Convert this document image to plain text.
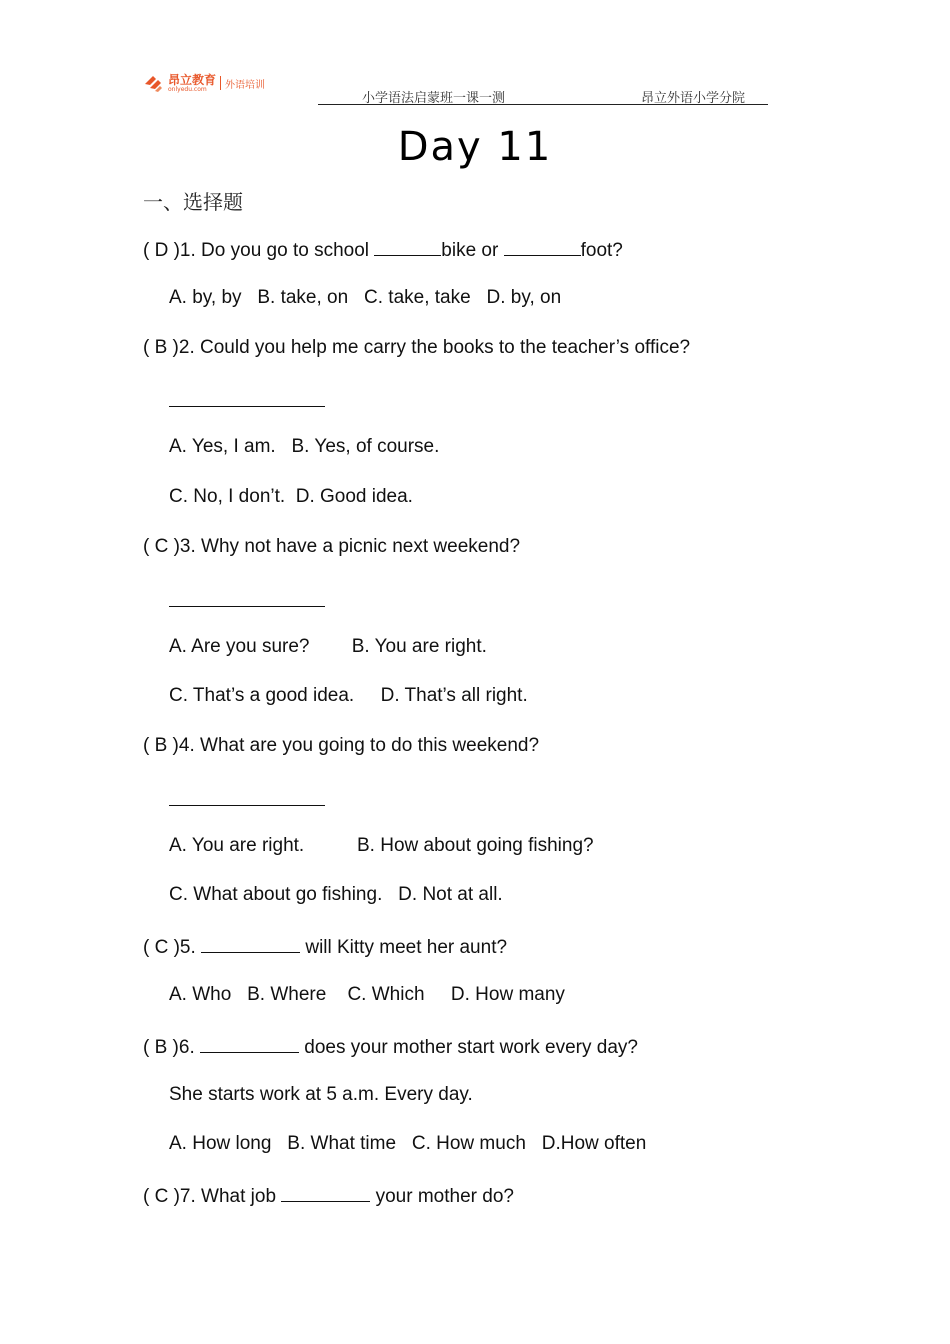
昂立教育
onlyedu.com	外语培训
小学语法启蒙班一课一测	昂立外语小学分院
Day 11
一、选择题
( D )1. Do you go to school	bike or	foot?
A. by, by   B. take, on   C. take, take   D. by, on
( B )2. Could you help me carry the books to the teacher’s office?
A. Yes, I am.   B. Yes, of course.
C. No, I don’t.  D. Good idea.
( C )3. Why not have a picnic next weekend?
A. Are you sure?        B. You are right.
C. That’s a good idea.     D. That’s all right.
( B )4. What are you going to do this weekend?
A. You are right.          B. How about going fishing?
C. What about go fishing.   D. Not at all.
( C )5.	will Kitty meet her aunt?
A. Who   B. Where    C. Which     D. How many
( B )6.	does your mother start work every day?
She starts work at 5 a.m. Every day.
A. How long   B. What time   C. How much   D.How often
( C )7. What job	your mother do?
